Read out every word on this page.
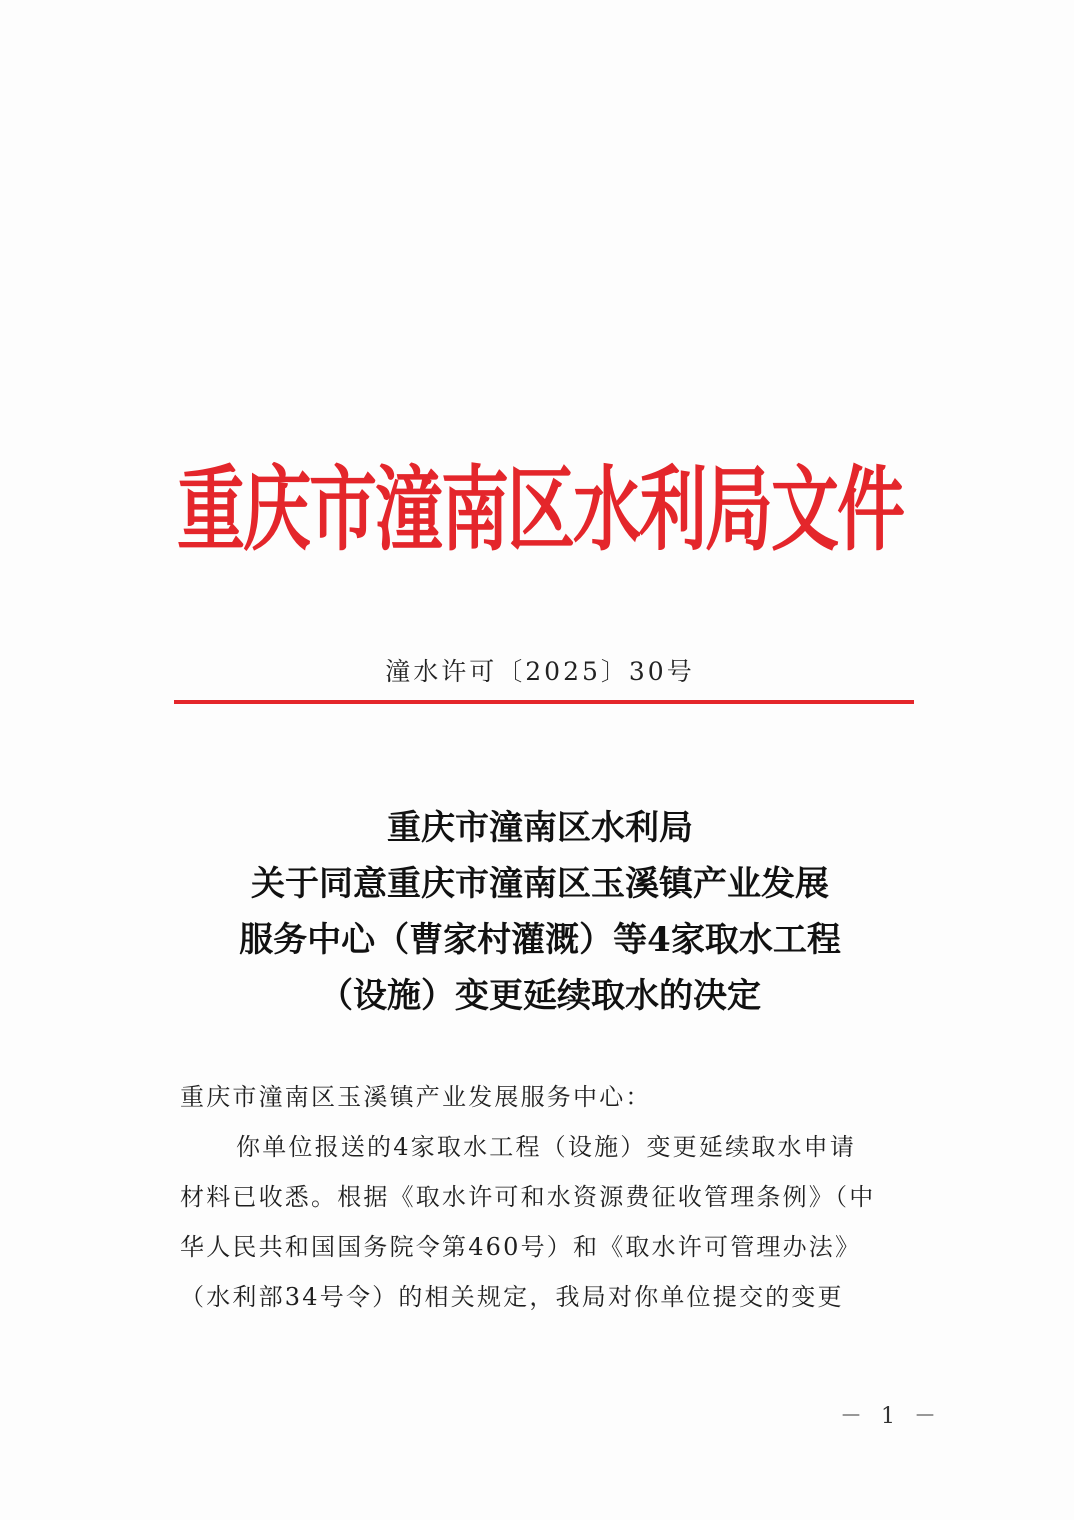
重庆市潼南区水利局文件
潼水许可〔2025〕30号
重庆市潼南区水利局
关于同意重庆市潼南区玉溪镇产业发展
服务中心（曹家村灌溉）等4家取水工程
（设施）变更延续取水的决定
重庆市潼南区玉溪镇产业发展服务中心：
你单位报送的4家取水工程（设施）变更延续取水申请
材料已收悉。根据《取水许可和水资源费征收管理条例》（中
华人民共和国国务院令第460号）和《取水许可管理办法》
（水利部34号令）的相关规定，我局对你单位提交的变更
－ 1 －
